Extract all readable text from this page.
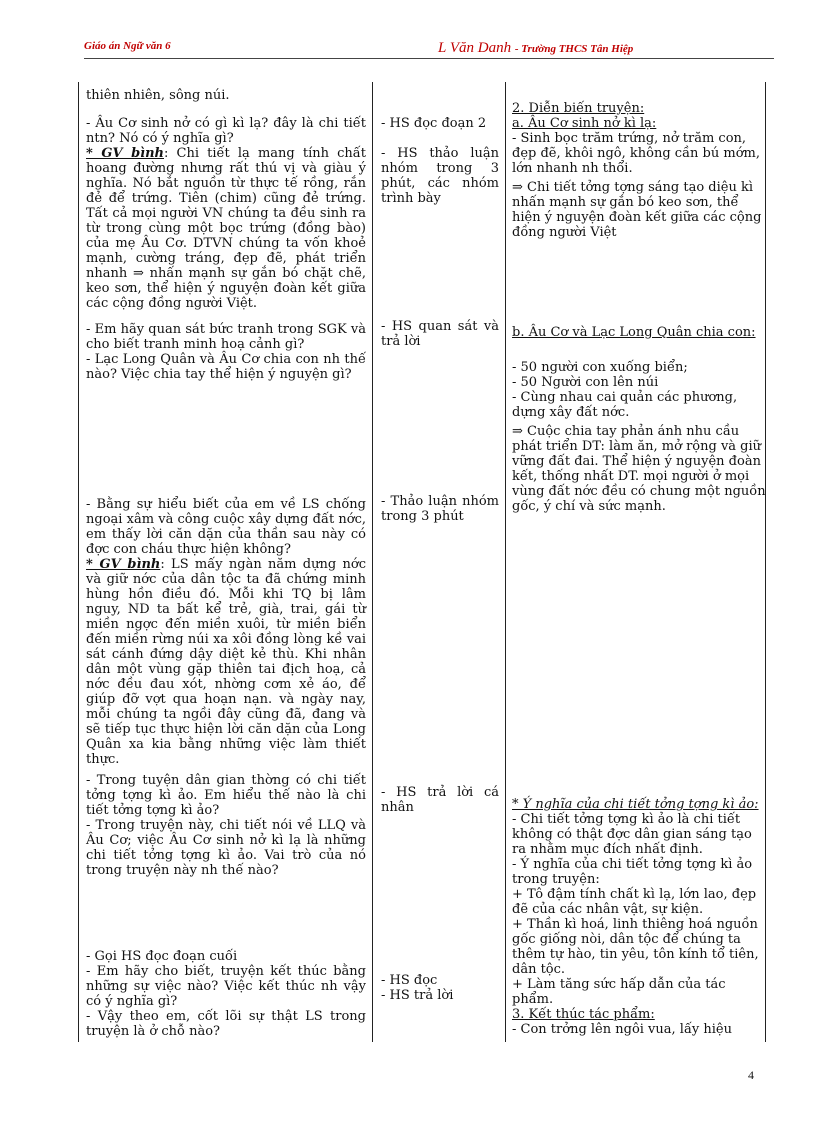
Giáo án Ngữ văn 6	L Văn Danh - Trường THCS Tân Hiệp
thiên nhiên, sông núi.

- Âu Cơ sinh nở có gì kì lạ? đây là chi tiết ntn? Nó có ý nghĩa gì?

* GV bình: Chi tiết lạ mang tính chất hoang đường nhưng rất thú vị và giàu ý nghĩa. Nó bắt nguồn từ thực tế rồng, rắn đẻ để trứng. Tiên (chim) cũng đẻ trứng. Tất cả mọi người VN chúng ta đều sinh ra từ trong cùng một bọc trứng (đồng bào) của mẹ Âu Cơ. DTVN chúng ta vốn khoẻ mạnh, cường tráng, đẹp đẽ, phát triển nhanh ⇒ nhấn mạnh sự gắn bó chặt chẽ, keo sơn, thể hiện ý nguyện đoàn kết giữa các cộng đồng người Việt.

- Em hãy quan sát bức tranh trong SGK và cho biết tranh minh hoạ cảnh gì?

- Lạc Long Quân và Âu Cơ chia con nh thế nào? Việc chia tay thể hiện ý nguyện gì?

- Bằng sự hiểu biết của em về LS chống ngoại xâm và công cuộc xây dựng đất nớc, em thấy lời căn dặn của thần sau này có đợc con cháu thực hiện không?

* GV bình: LS mấy ngàn năm dựng nớc và giữ nớc của dân tộc ta đã chứng minh hùng hồn điều đó. Mỗi khi TQ bị lâm nguy, ND ta bất kể trẻ, già, trai, gái từ miền ngợc đến miền xuôi, từ miền biển đến miền rừng núi xa xôi đồng lòng kề vai sát cánh đứng dậy diệt kẻ thù. Khi nhân dân một vùng gặp thiên tai địch hoạ, cả nớc đều đau xót, nhờng cơm xẻ áo, để giúp đỡ vợt qua hoạn nạn. và ngày nay, mỗi chúng ta ngồi đây cũng đã, đang và sẽ tiếp tục thực hiện lời căn dặn của Long Quân xa kia bằng những việc làm thiết thực.

- Trong tuyện dân gian thờng có chi tiết tởng tợng kì ảo. Em hiểu thế nào là chi tiết tởng tợng kì ảo?

- Trong truyện này, chi tiết nói về LLQ và Âu Cơ; việc Âu Cơ sinh nở kì lạ là những chi tiết tởng tợng kì ảo. Vai trò của nó trong truyện này nh thế nào?

- Gọi HS đọc đoạn cuối

- Em hãy cho biết, truyện kết thúc bằng những sự việc nào? Việc kết thúc nh vậy có ý nghĩa gì?

- Vậy theo em, cốt lõi sự thật LS trong truyện là ở chỗ nào?

- HS đọc đoạn 2
- HS thảo luận nhóm trong 3 phút, các nhóm trình bày
- HS quan sát và trả lời
- Thảo luận nhóm trong 3 phút
- HS trả lời cá nhân
- HS đọc
- HS trả lời

2. Diễn biến truyện:

a. Âu Cơ sinh nở kì lạ:

- Sinh bọc trăm trứng, nở trăm con, đẹp đẽ, khôi ngô, không cần bú mớm, lớn nhanh nh thổi.

⇒ Chi tiết tởng tợng sáng tạo diệu kì nhấn mạnh sự gắn bó keo sơn, thể hiện ý nguyện đoàn kết giữa các cộng đồng người Việt

b. Âu Cơ và Lạc Long Quân chia con:

- 50 người con xuống biển;

- 50 Người con lên núi

- Cùng nhau cai quản các phương, dựng xây đất nớc.

⇒ Cuộc chia tay phản ánh nhu cầu phát triển DT: làm ăn, mở rộng và giữ vững đất đai. Thể hiện ý nguyện đoàn kết, thống nhất DT. mọi người ở mọi vùng đất nớc đều có chung một nguồn gốc, ý chí và sức mạnh.

* Ý nghĩa của chi tiết tởng tợng kì ảo:

- Chi tiết tởng tợng kì ảo là chi tiết không có thật đợc dân gian sáng tạo ra nhằm mục đích nhất định.

- Ý nghĩa của chi tiết tởng tợng kì ảo trong truyện:

+ Tô đậm tính chất kì lạ, lớn lao, đẹp đẽ của các nhân vật, sự kiện.

+ Thần kì hoá, linh thiêng hoá nguồn gốc giống nòi, dân tộc để chúng ta thêm tự hào, tin yêu, tôn kính tổ tiên, dân tộc.

+ Làm tăng sức hấp dẫn của tác phẩm.

3. Kết thúc tác phẩm:

- Con trởng lên ngôi vua, lấy hiệu

4
